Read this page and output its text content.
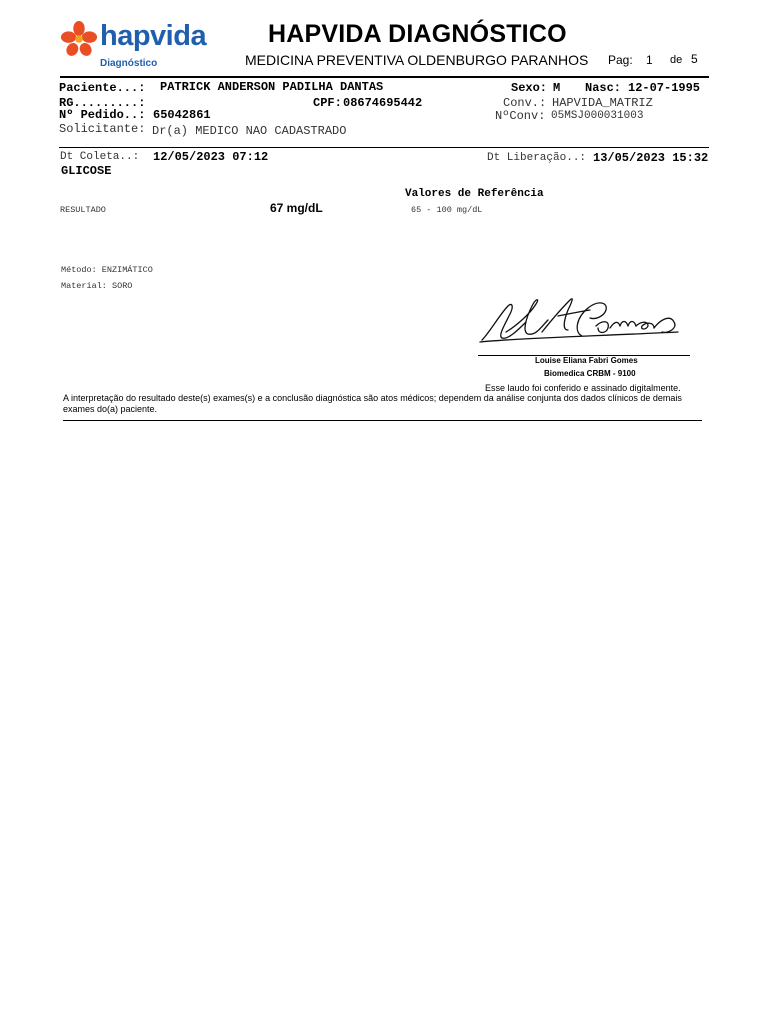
hapvida
Diagnóstico
HAPVIDA DIAGNÓSTICO
MEDICINA PREVENTIVA OLDENBURGO PARANHOS Pag: 1 de 5
Paciente...: PATRICK ANDERSON PADILHA DANTAS	Sexo: M Nasc: 12-07-1995
RG.........:	CPF: 08674695442	Conv.: HAPVIDA_MATRIZ
Nº Pedido..: 65042861	NºConv: 05MSJ000031003
Solicitante: Dr(a) MEDICO NAO CADASTRADO
Dt Coleta..: 12/05/2023 07:12	Dt Liberação..: 13/05/2023 15:32
GLICOSE
Valores de Referência
RESULTADO	67 mg/dL	65 - 100 mg/dL
Método: ENZIMÁTICO
Material: SORO
Louise Eliana Fabri Gomes
Biomedica CRBM - 9100
Esse laudo foi conferido e assinado digitalmente.
A interpretação do resultado deste(s) exames(s) e a conclusão diagnóstica são atos médicos; dependem da análise conjunta dos dados clínicos de demais exames do(a) paciente.
